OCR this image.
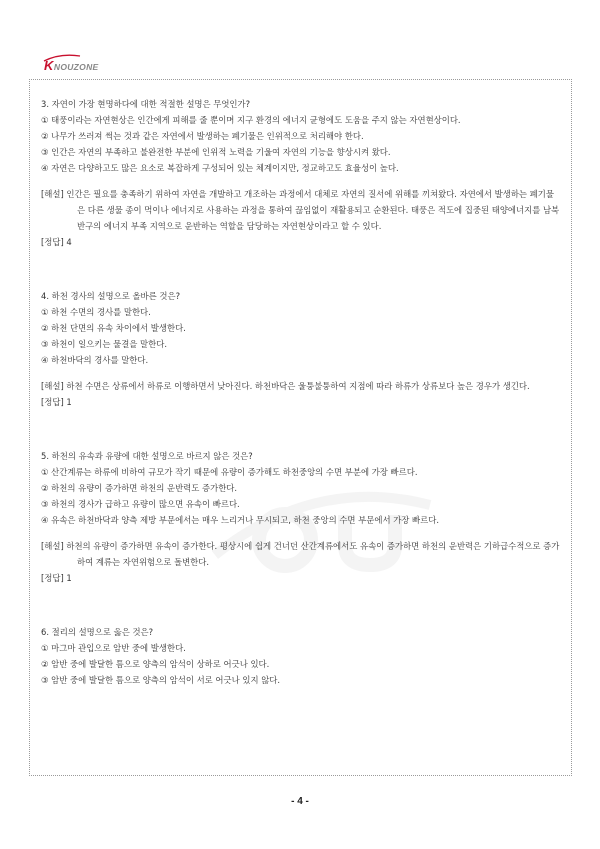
K NOUZONE

3. 자연이 가장 현명하다에 대한 적절한 설명은 무엇인가?

① 태풍이라는 자연현상은 인간에게 피해를 줄 뿐이며 지구 환경의 에너지 균형에도 도움을 주지 않는 자연현상이다.

② 나무가 쓰러져 썩는 것과 같은 자연에서 발생하는 폐기물은 인위적으로 처리해야 한다.

③ 인간은 자연의 부족하고 불완전한 부분에 인위적 노력을 기울여 자연의 기능을 향상시켜 왔다.

④ 자연은 다양하고도 많은 요소로 복잡하게 구성되어 있는 체계이지만, 정교하고도 효율성이 높다.

[해설] 인간은 필요를 충족하기 위하여 자연을 개발하고 개조하는 과정에서 대체로 자연의 질서에 위해를 끼쳐왔다. 자연에서 발생하는 폐기물은 다른 생물 종이 먹이나 에너지로 사용하는 과정을 통하여 끊임없이 재활용되고 순환된다. 태풍은 적도에 집중된 태양에너지를 남북 반구의 에너지 부족 지역으로 운반하는 역할을 담당하는 자연현상이라고 할 수 있다.

[정답] 4

4. 하천 경사의 설명으로 올바른 것은?

① 하천 수면의 경사를 말한다.

② 하천 단면의 유속 차이에서 발생한다.

③ 하천이 일으키는 물결을 말한다.

④ 하천바닥의 경사를 말한다.

[해설] 하천 수면은 상류에서 하류로 이행하면서 낮아진다. 하천바닥은 울퉁불퉁하여 지점에 따라 하류가 상류보다 높은 경우가 생긴다.

[정답] 1

5. 하천의 유속과 유량에 대한 설명으로 바르지 않은 것은?

① 산간계류는 하류에 비하여 규모가 작기 때문에 유량이 증가해도 하천중앙의 수면 부분에 가장 빠르다.

② 하천의 유량이 증가하면 하천의 운반력도 증가한다.

③ 하천의 경사가 급하고 유량이 많으면 유속이 빠르다.

④ 유속은 하천바닥과 양측 제방 부문에서는 매우 느리거나 무시되고, 하천 중앙의 수면 부문에서 가장 빠르다.

[해설] 하천의 유량이 증가하면 유속이 증가한다. 평상시에 쉽게 건너던 산간계류에서도 유속이 증가하면 하천의 운반력은 기하급수적으로 증가하여 계류는 자연위험으로 돌변한다.

[정답] 1

6. 절리의 설명으로 옳은 것은?

① 마그마 관입으로 암반 중에 발생한다.

② 암반 중에 발달한 틈으로 양측의 암석이 상하로 어긋나 있다.

③ 암반 중에 발달한 틈으로 양측의 암석이 서로 어긋나 있지 않다.

- 4 -
